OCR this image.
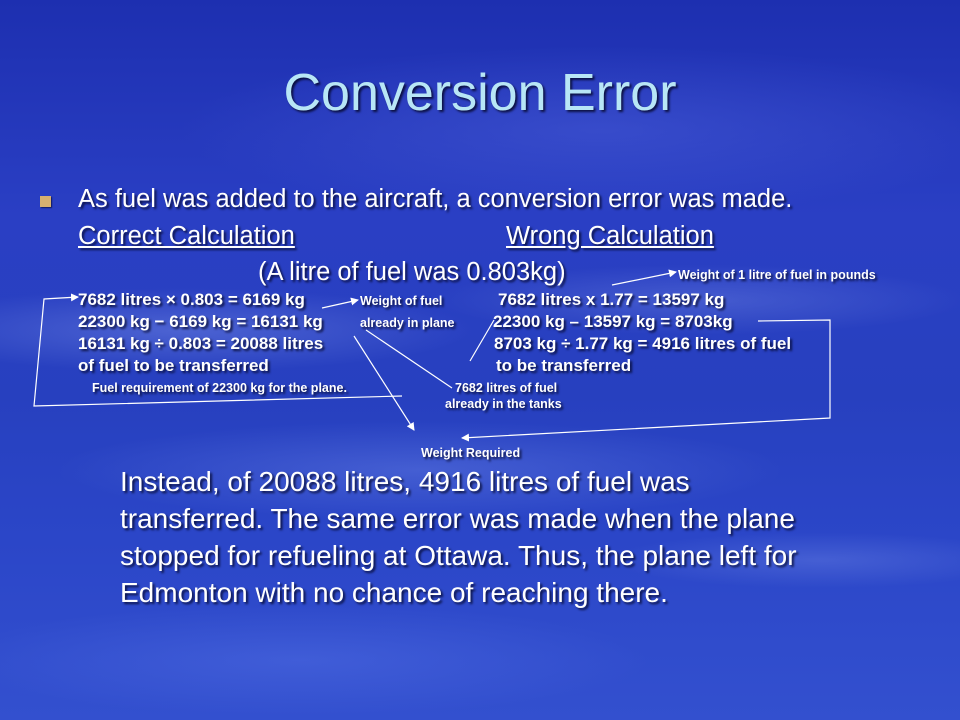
Conversion Error
As fuel was added to the aircraft, a conversion error was made.
Correct Calculation	Wrong Calculation
(A litre of fuel was 0.803kg)	Weight of 1 litre of fuel in pounds
7682 litres × 0.803 = 6169 kg
22300 kg − 6169 kg = 16131 kg
16131 kg ÷ 0.803 = 20088 litres
of fuel to be transferred
Weight of fuel
already in plane
7682 litres x 1.77 = 13597 kg
22300 kg – 13597 kg = 8703kg
8703 kg ÷ 1.77 kg = 4916 litres of fuel
to be transferred
Fuel requirement of 22300 kg for the plane.	7682 litres of fuel
already in the tanks
Weight Required
Instead, of 20088 litres, 4916 litres of fuel was
transferred. The same error was made when the plane
stopped for refueling at Ottawa. Thus, the plane left for
Edmonton with no chance of reaching there.
